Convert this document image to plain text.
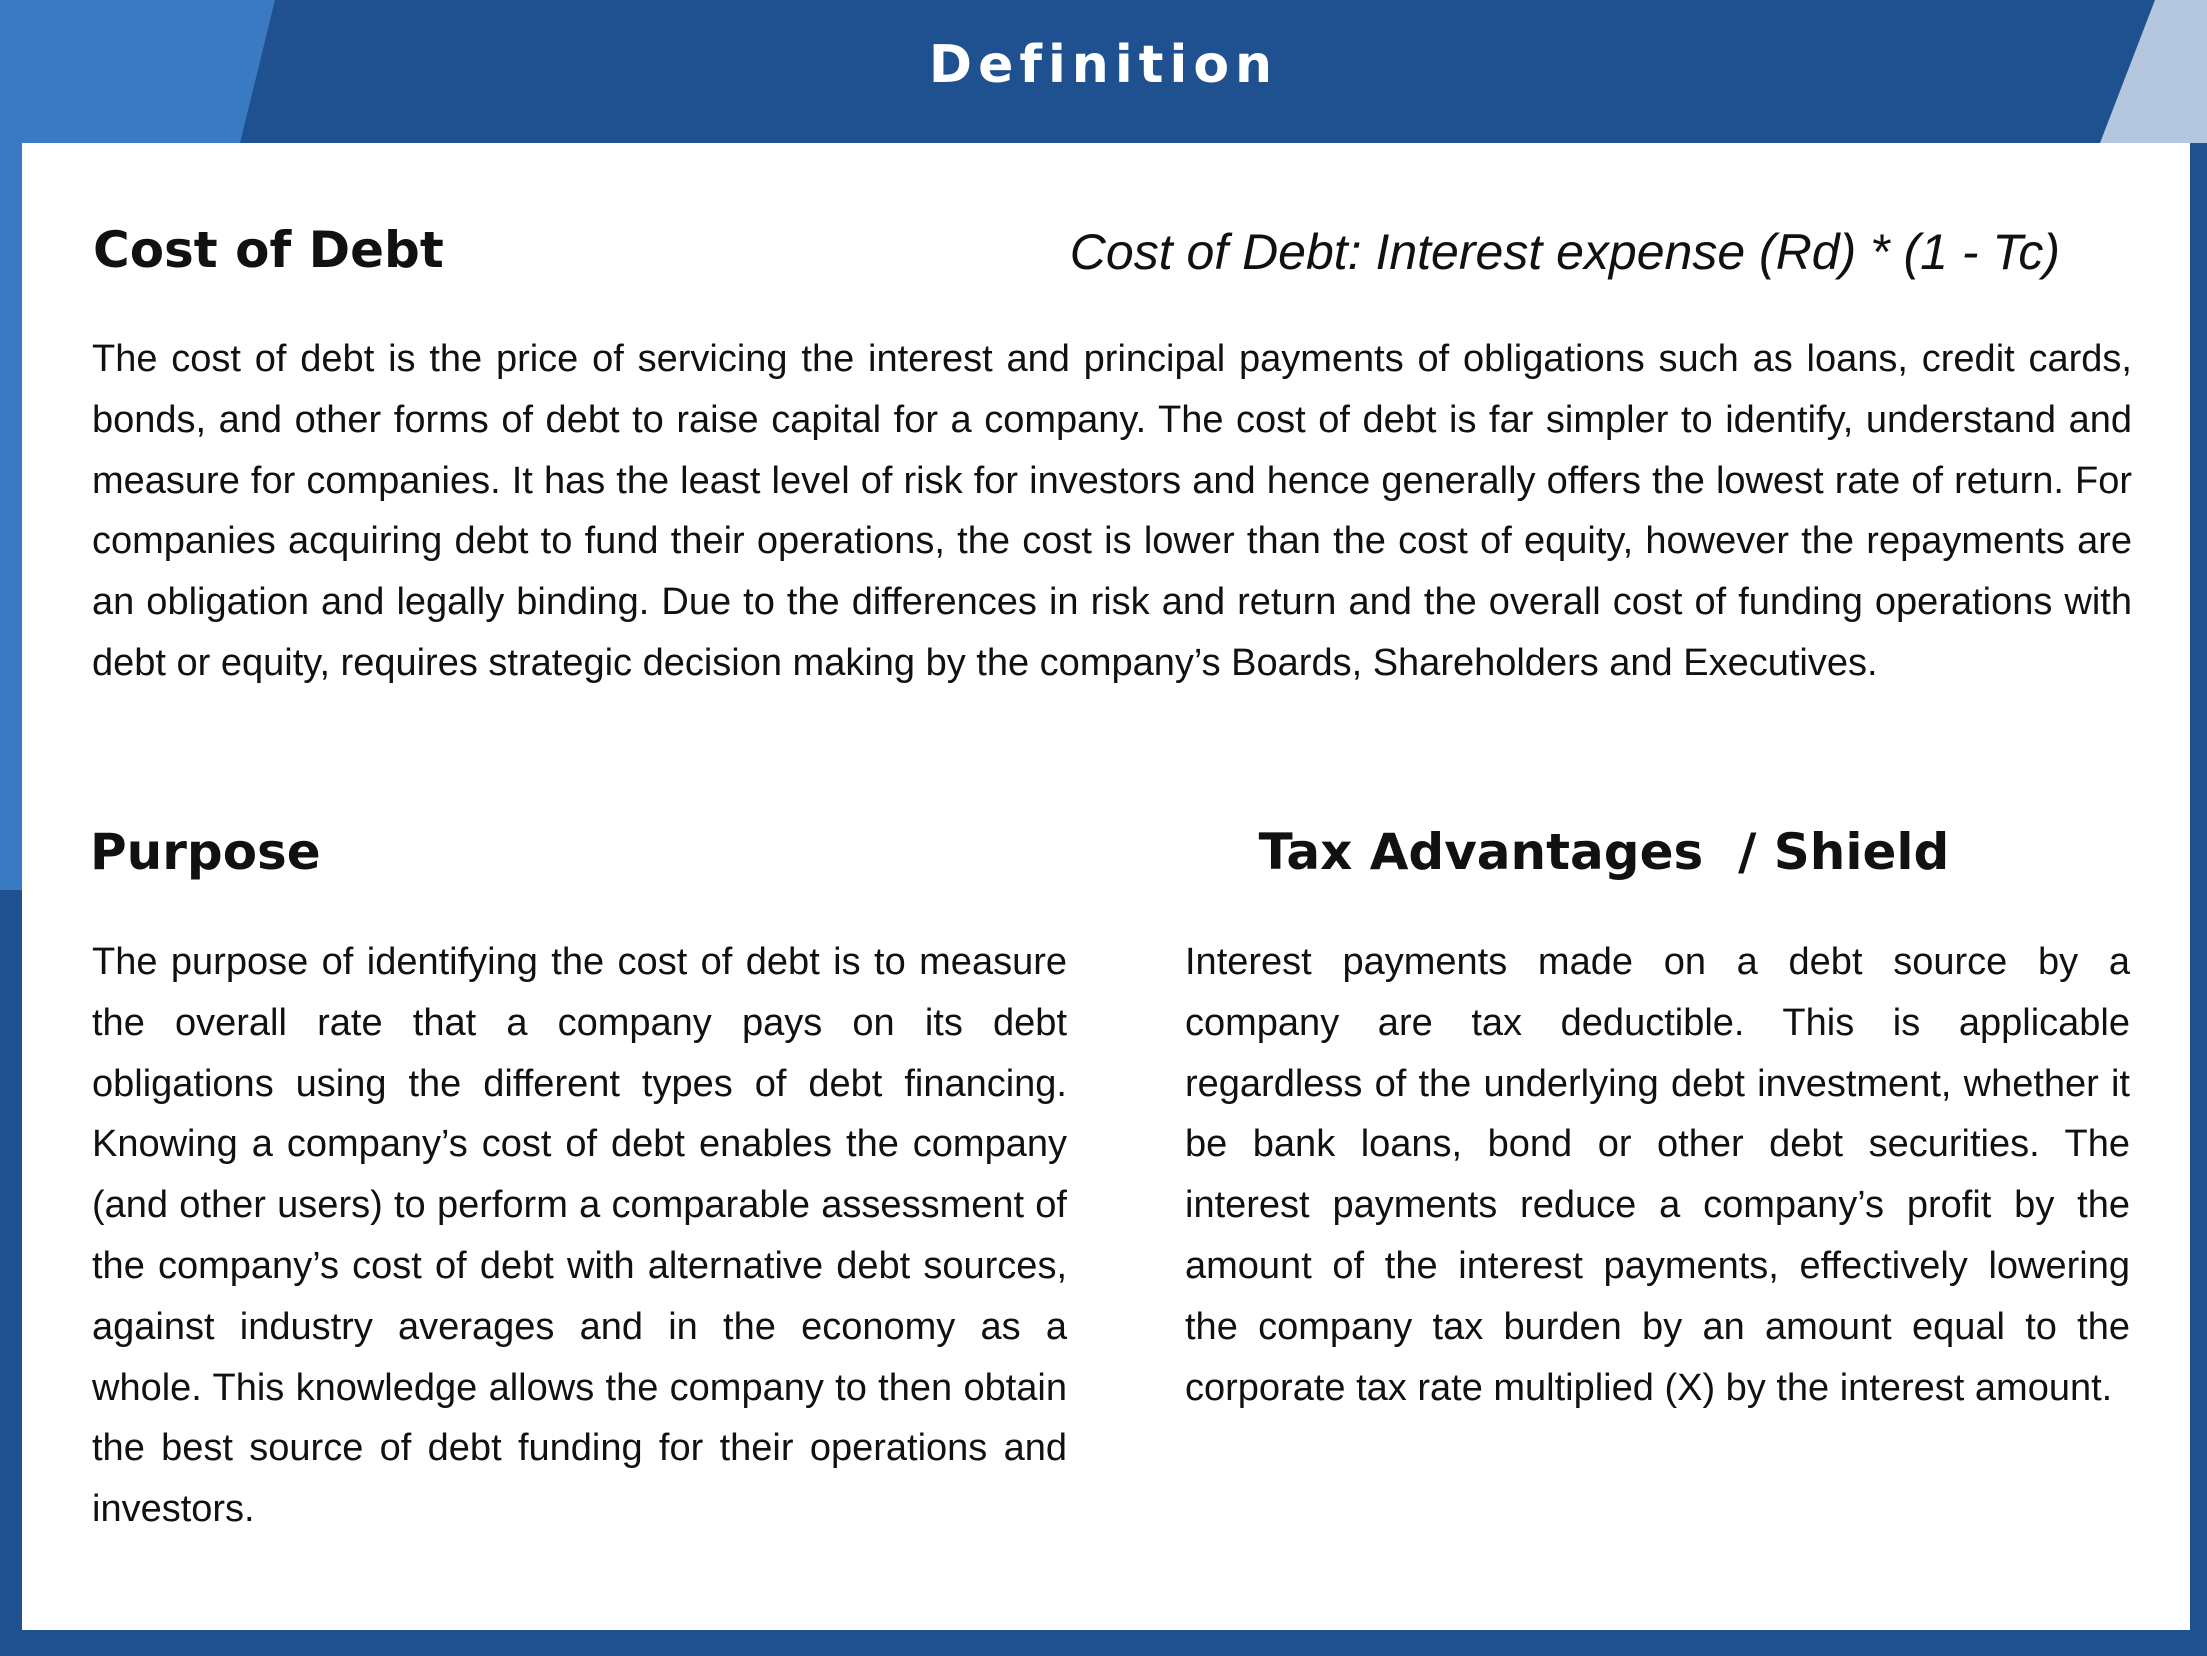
Definition
Cost of Debt	Cost of Debt: Interest expense (Rd) * (1 - Tc)

The cost of debt is the price of servicing the interest and principal payments of obligations such as loans, credit cards, bonds, and other forms of debt to raise capital for a company. The cost of debt is far simpler to identify, understand and measure for companies. It has the least level of risk for investors and hence generally offers the lowest rate of return. For companies acquiring debt to fund their operations, the cost is lower than the cost of equity, however the repayments are an obligation and legally binding. Due to the differences in risk and return and the overall cost of funding operations with debt or equity, requires strategic decision making by the company’s Boards, Shareholders and Executives.

Purpose

The purpose of identifying the cost of debt is to measure the overall rate that a company pays on its debt obligations using the different types of debt financing. Knowing a company’s cost of debt enables the company (and other users) to perform a comparable assessment of the company’s cost of debt with alternative debt sources, against industry averages and in the economy as a whole. This knowledge allows the company to then obtain the best source of debt funding for their operations and investors.

Tax Advantages  / Shield

Interest payments made on a debt source by a company are tax deductible. This is applicable regardless of the underlying debt investment, whether it be bank loans, bond or other debt securities. The interest payments reduce a company’s profit by the amount of the interest payments, effectively lowering the company tax burden by an amount equal to the corporate tax rate multiplied (X) by the interest amount.
